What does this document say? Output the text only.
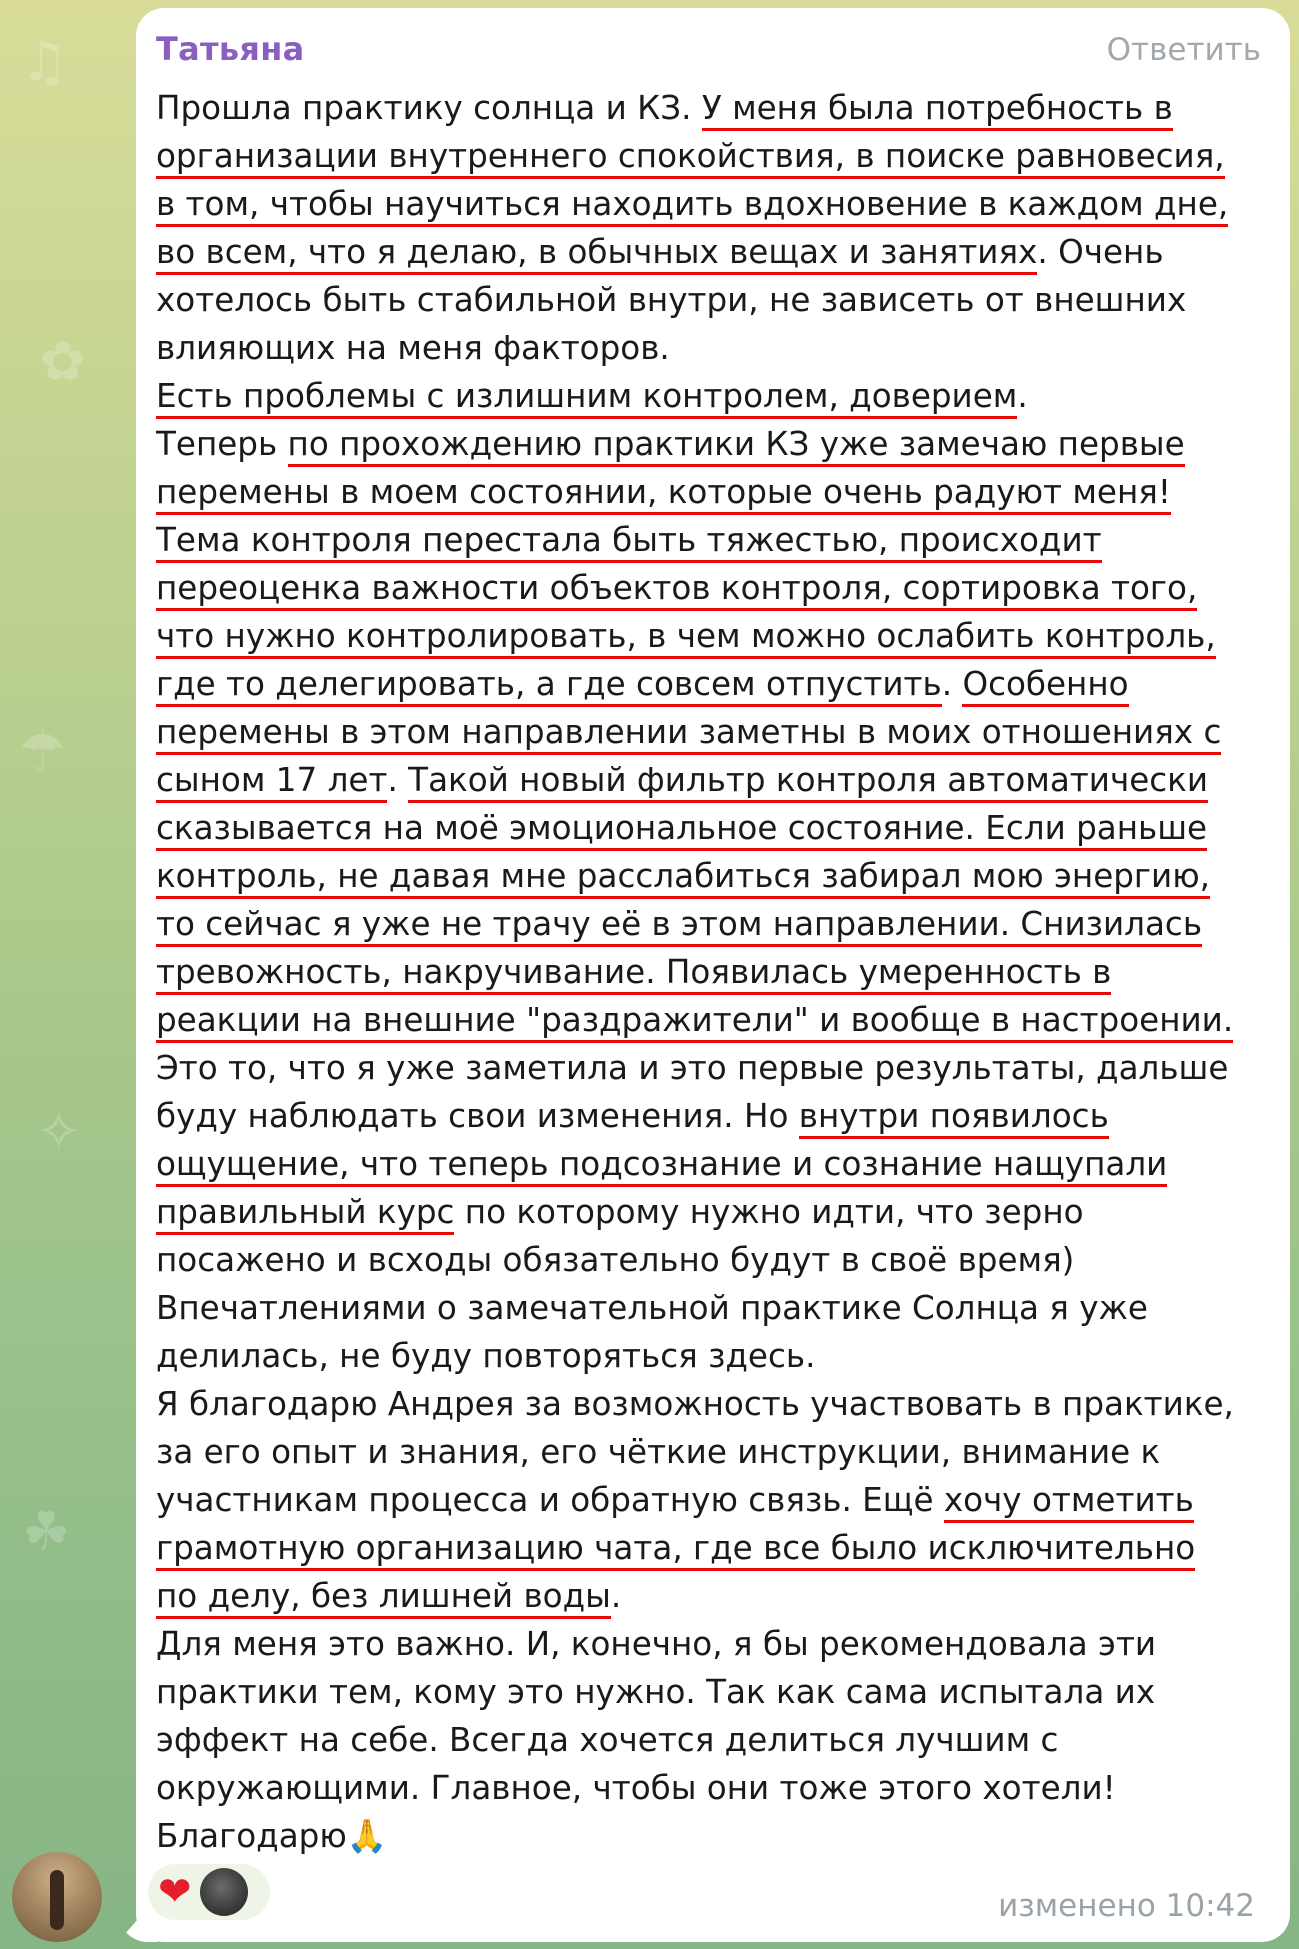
♫
✿
☂
✧
☘
Татьяна	Ответить
Прошла практику солнца и КЗ. У меня была потребность в
организации внутреннего спокойствия, в поиске равновесия,
в том, чтобы научиться находить вдохновение в каждом дне,
во всем, что я делаю, в обычных вещах и занятиях. Очень
хотелось быть стабильной внутри, не зависеть от внешних
влияющих на меня факторов.
Есть проблемы с излишним контролем, доверием.
Теперь по прохождению практики КЗ уже замечаю первые
перемены в моем состоянии, которые очень радуют меня!
Тема контроля перестала быть тяжестью, происходит
переоценка важности объектов контроля, сортировка того,
что нужно контролировать, в чем можно ослабить контроль,
где то делегировать, а где совсем отпустить. Особенно
перемены в этом направлении заметны в моих отношениях с
сыном 17 лет. Такой новый фильтр контроля автоматически
сказывается на моё эмоциональное состояние. Если раньше
контроль, не давая мне расслабиться забирал мою энергию,
то сейчас я уже не трачу её в этом направлении. Снизилась
тревожность, накручивание. Появилась умеренность в
реакции на внешние "раздражители" и вообще в настроении.
Это то, что я уже заметила и это первые результаты, дальше
буду наблюдать свои изменения. Но внутри появилось
ощущение, что теперь подсознание и сознание нащупали
правильный курс по которому нужно идти, что зерно
посажено и всходы обязательно будут в своё время)
Впечатлениями о замечательной практике Солнца я уже
делилась, не буду повторяться здесь.
Я благодарю Андрея за возможность участвовать в практике,
за его опыт и знания, его чёткие инструкции, внимание к
участникам процесса и обратную связь. Ещё хочу отметить
грамотную организацию чата, где все было исключительно
по делу, без лишней воды.
Для меня это важно. И, конечно, я бы рекомендовала эти
практики тем, кому это нужно. Так как сама испытала их
эффект на себе. Всегда хочется делиться лучшим с
окружающими. Главное, чтобы они тоже этого хотели!
Благодарю🙏
❤	изменено 10:42
